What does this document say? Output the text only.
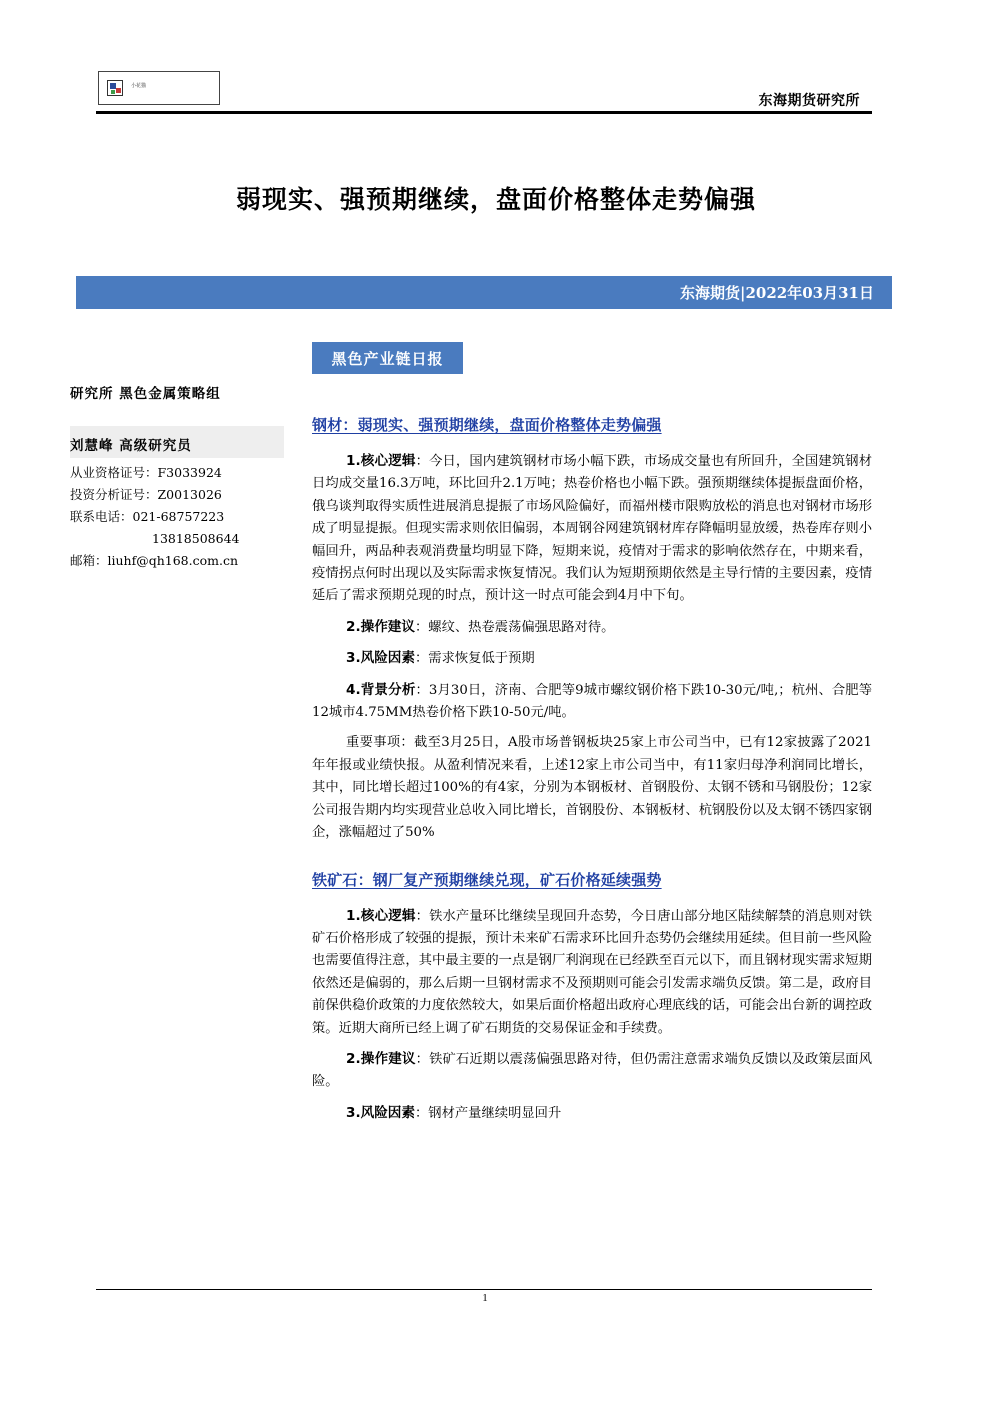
小花猫
东海期货研究所
弱现实、强预期继续，盘面价格整体走势偏强
东海期货|2022年03月31日
黑色产业链日报
研究所 黑色金属策略组
刘慧峰 高级研究员
从业资格证号：F3033924
投资分析证号：Z0013026
联系电话：021-68757223
13818508644
邮箱：liuhf@qh168.com.cn
钢材：弱现实、强预期继续，盘面价格整体走势偏强

1.核心逻辑：今日，国内建筑钢材市场小幅下跌，市场成交量也有所回升，全国建筑钢材日均成交量16.3万吨，环比回升2.1万吨；热卷价格也小幅下跌。强预期继续体提振盘面价格，俄乌谈判取得实质性进展消息提振了市场风险偏好，而福州楼市限购放松的消息也对钢材市场形成了明显提振。但现实需求则依旧偏弱，本周钢谷网建筑钢材库存降幅明显放缓，热卷库存则小幅回升，两品种表观消费量均明显下降，短期来说，疫情对于需求的影响依然存在，中期来看，疫情拐点何时出现以及实际需求恢复情况。我们认为短期预期依然是主导行情的主要因素，疫情延后了需求预期兑现的时点，预计这一时点可能会到4月中下旬。

2.操作建议：螺纹、热卷震荡偏强思路对待。

3.风险因素：需求恢复低于预期

4.背景分析：3月30日，济南、合肥等9城市螺纹钢价格下跌10-30元/吨,；杭州、合肥等12城市4.75MM热卷价格下跌10-50元/吨。

重要事项：截至3月25日，A股市场普钢板块25家上市公司当中，已有12家披露了2021年年报或业绩快报。从盈利情况来看，上述12家上市公司当中，有11家归母净利润同比增长，其中，同比增长超过100%的有4家，分别为本钢板材、首钢股份、太钢不锈和马钢股份；12家公司报告期内均实现营业总收入同比增长，首钢股份、本钢板材、杭钢股份以及太钢不锈四家钢企，涨幅超过了50%

铁矿石：钢厂复产预期继续兑现，矿石价格延续强势

1.核心逻辑：铁水产量环比继续呈现回升态势，今日唐山部分地区陆续解禁的消息则对铁矿石价格形成了较强的提振，预计未来矿石需求环比回升态势仍会继续用延续。但目前一些风险也需要值得注意，其中最主要的一点是钢厂利润现在已经跌至百元以下，而且钢材现实需求短期依然还是偏弱的，那么后期一旦钢材需求不及预期则可能会引发需求端负反馈。第二是，政府目前保供稳价政策的力度依然较大，如果后面价格超出政府心理底线的话，可能会出台新的调控政策。近期大商所已经上调了矿石期货的交易保证金和手续费。

2.操作建议：铁矿石近期以震荡偏强思路对待，但仍需注意需求端负反馈以及政策层面风险。

3.风险因素：钢材产量继续明显回升

1
